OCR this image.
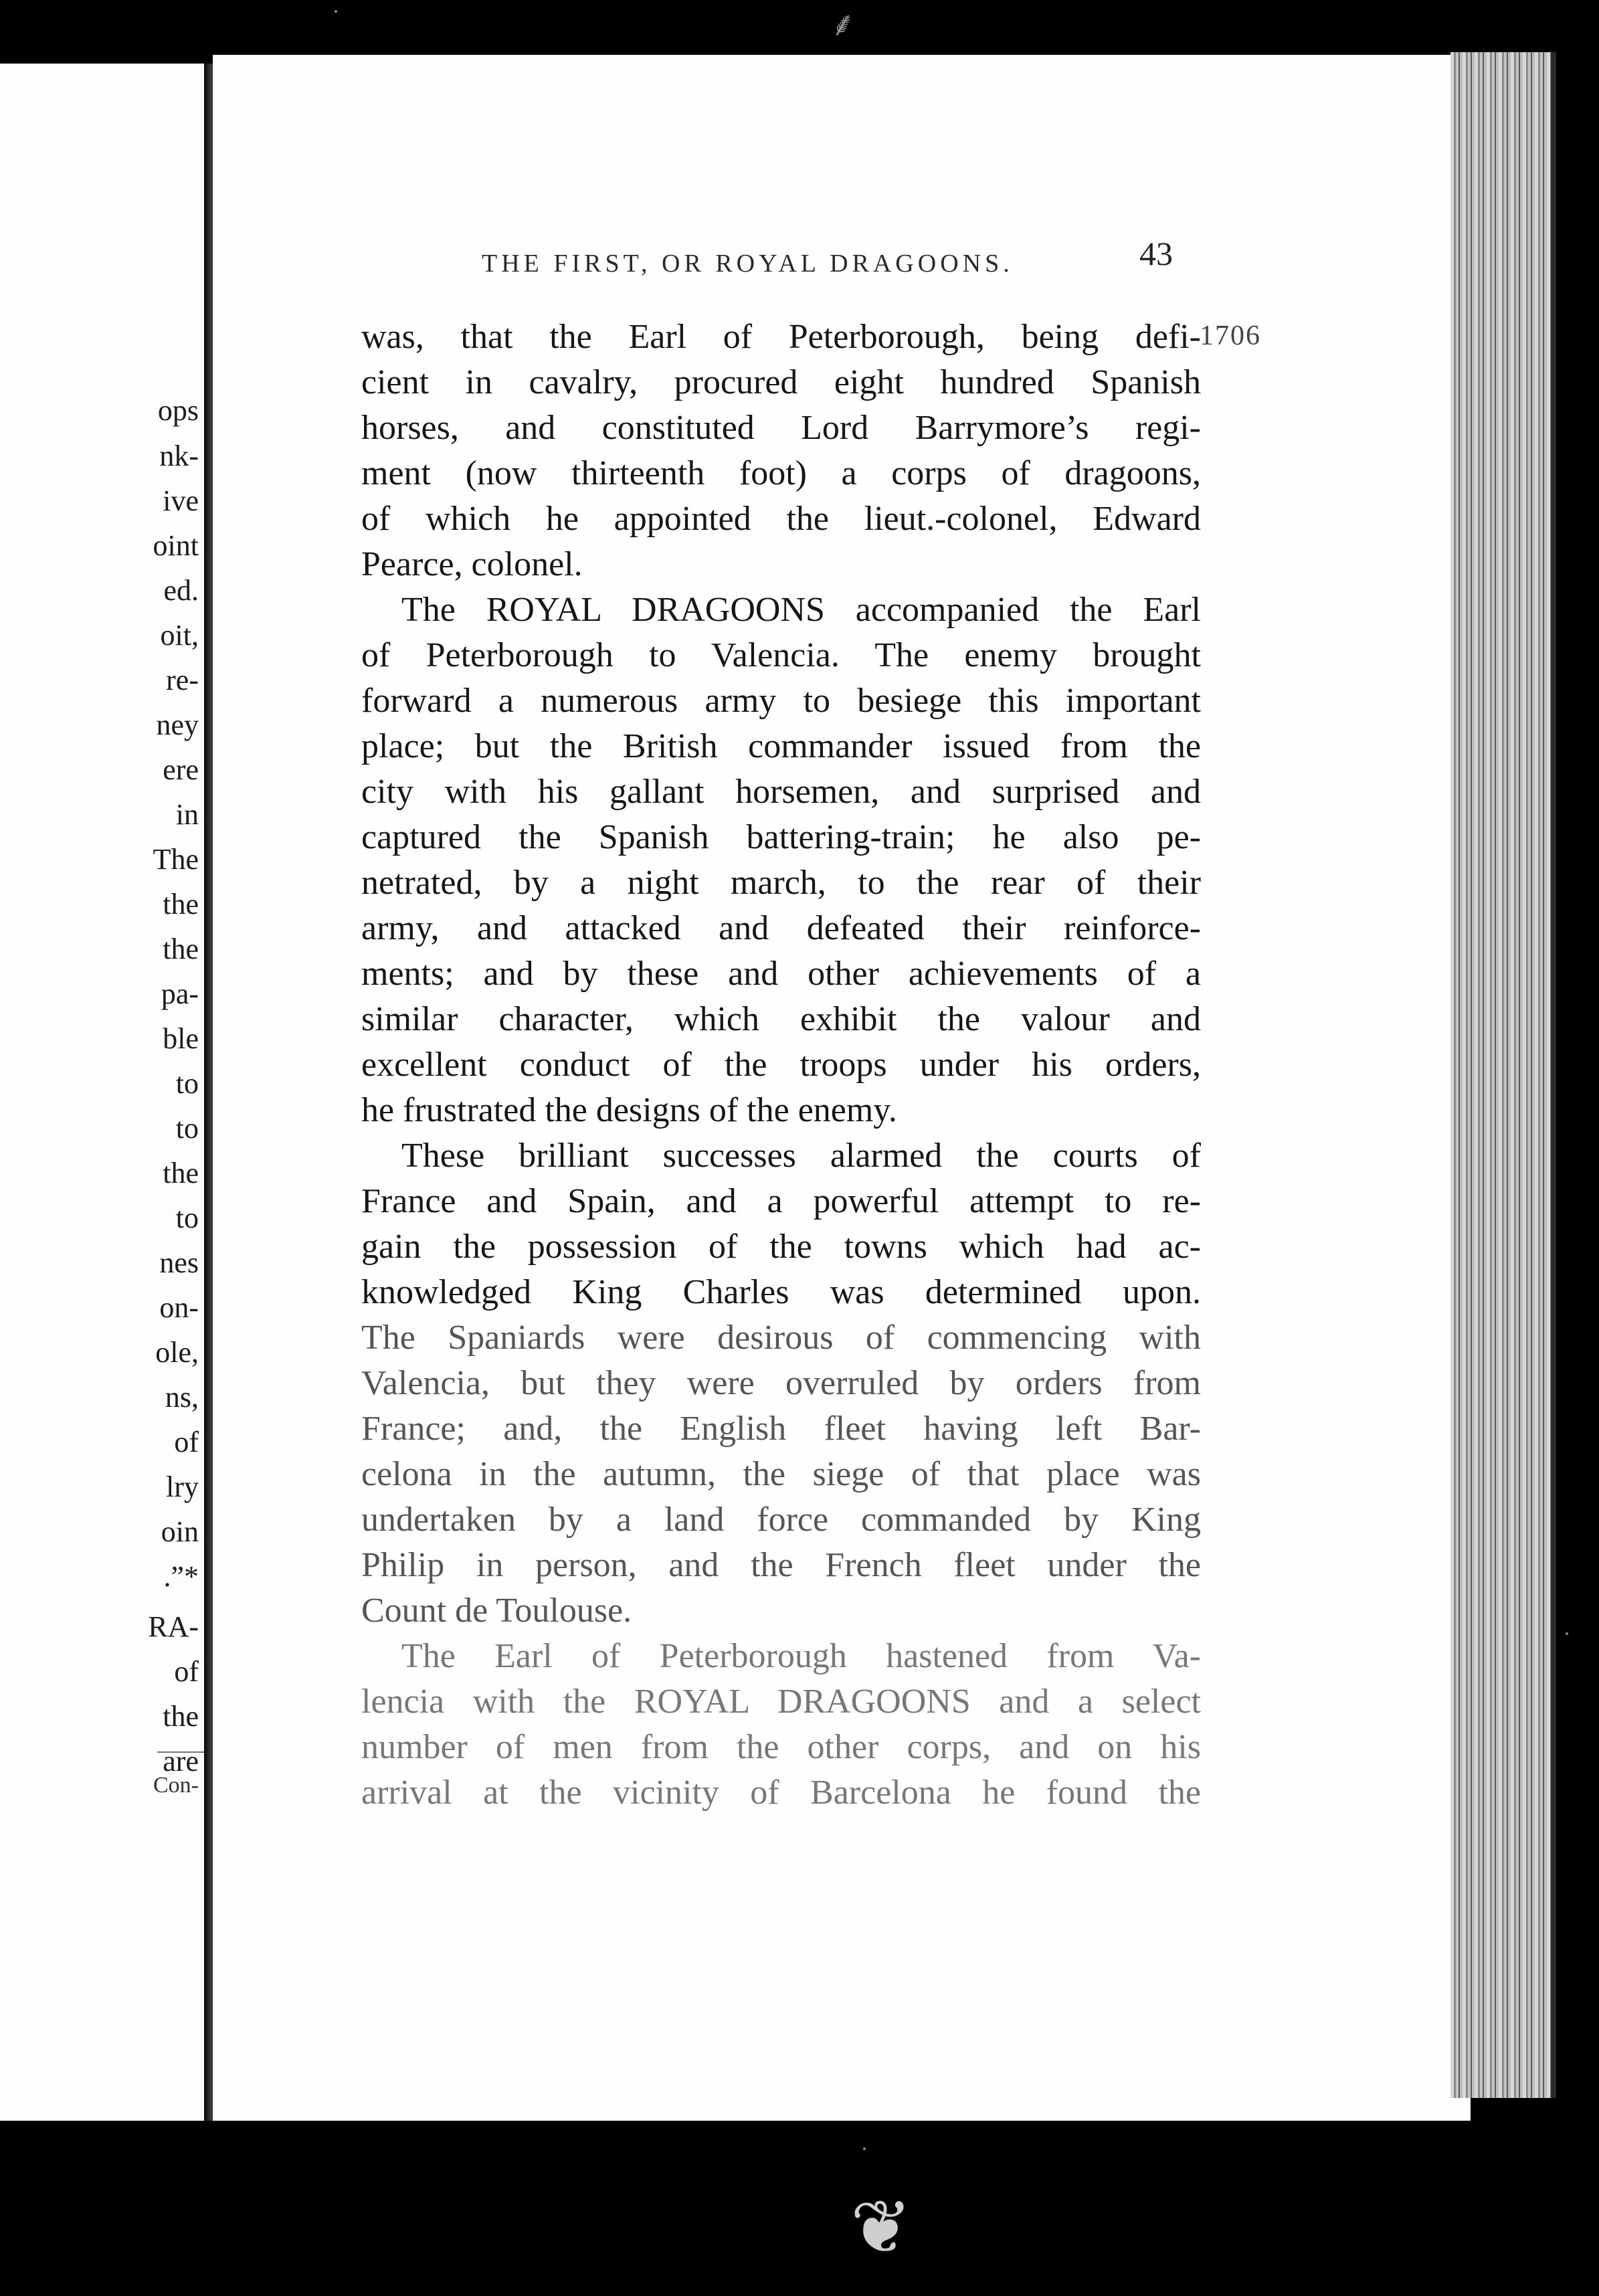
ops

nk-

ive

oint

ed.

oit,

re-

ney

ere

in

The

the

the

pa-

ble

to

to

the

to

nes

on-

ole,

ns,

of

lry

oin

.”*

RA-

of

the

are

Con-

⸙

❦

THE FIRST, OR ROYAL DRAGOONS.	43

1706

was, that the Earl of Peterborough, being defi-

cient in cavalry, procured eight hundred Spanish

horses, and constituted Lord Barrymore’s regi-

ment (now thirteenth foot) a corps of dragoons,

of which he appointed the lieut.-colonel, Edward

Pearce, colonel.

The ROYAL DRAGOONS accompanied the Earl

of Peterborough to Valencia. The enemy brought

forward a numerous army to besiege this important

place; but the British commander issued from the

city with his gallant horsemen, and surprised and

captured the Spanish battering-train; he also pe-

netrated, by a night march, to the rear of their

army, and attacked and defeated their reinforce-

ments; and by these and other achievements of a

similar character, which exhibit the valour and

excellent conduct of the troops under his orders,

he frustrated the designs of the enemy.

These brilliant successes alarmed the courts of

France and Spain, and a powerful attempt to re-

gain the possession of the towns which had ac-

knowledged King Charles was determined upon.

The Spaniards were desirous of commencing with

Valencia, but they were overruled by orders from

France; and, the English fleet having left Bar-

celona in the autumn, the siege of that place was

undertaken by a land force commanded by King

Philip in person, and the French fleet under the

Count de Toulouse.

The Earl of Peterborough hastened from Va-

lencia with the ROYAL DRAGOONS and a select

number of men from the other corps, and on his

arrival at the vicinity of Barcelona he found the
